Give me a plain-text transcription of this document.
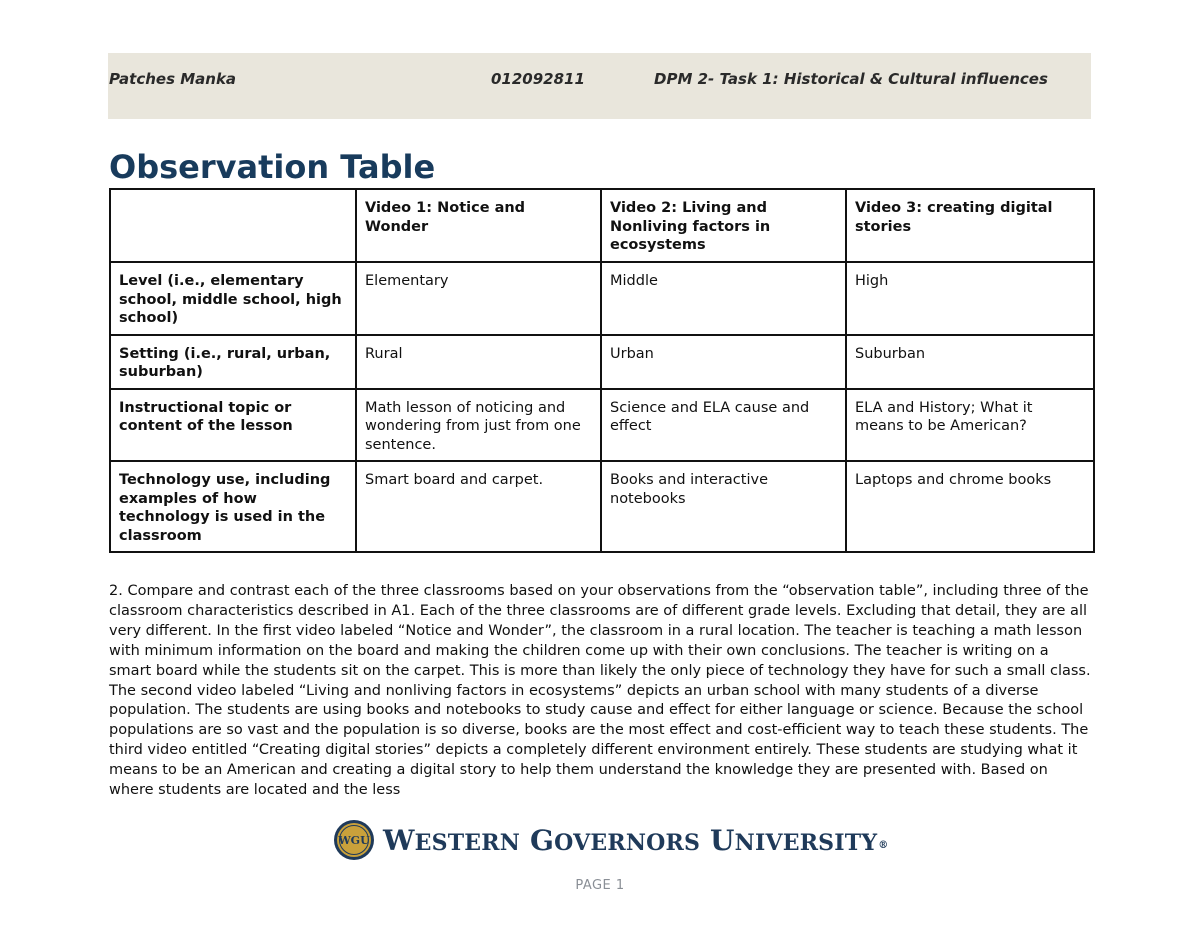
Patches Manka	012092811	DPM 2- Task 1: Historical & Cultural influences
Observation Table
	Video 1: Notice and Wonder	Video 2: Living and Nonliving factors in ecosystems	Video 3: creating digital stories
Level (i.e., elementary school, middle school, high school)	Elementary	Middle	High
Setting (i.e., rural, urban, suburban)	Rural	Urban	Suburban
Instructional topic or content of the lesson	Math lesson of noticing and wondering from just from one sentence.	Science and ELA cause and effect	ELA and History; What it means to be American?
Technology use, including examples of how technology is used in the classroom	Smart board and carpet.	Books and interactive notebooks	Laptops and chrome books

2. Compare and contrast each of the three classrooms based on your observations from the “observation table”, including three of the classroom characteristics described in A1. Each of the three classrooms are of different grade levels. Excluding that detail, they are all very different. In the first video labeled “Notice and Wonder”, the classroom in a rural location. The teacher is teaching a math lesson with minimum information on the board and making the children come up with their own conclusions. The teacher is writing on a smart board while the students sit on the carpet. This is more than likely the only piece of technology they have for such a small class. The second video labeled “Living and nonliving factors in ecosystems” depicts an urban school with many students of a diverse population. The students are using books and notebooks to study cause and effect for either language or science. Because the school populations are so vast and the population is so diverse, books are the most effect and cost-efficient way to teach these students. The third video entitled “Creating digital stories” depicts a completely different environment entirely. These students are studying what it means to be an American and creating a digital story to help them understand the knowledge they are presented with. Based on where students are located and the less

WGU WESTERN GOVERNORS UNIVERSITY®
PAGE 1
